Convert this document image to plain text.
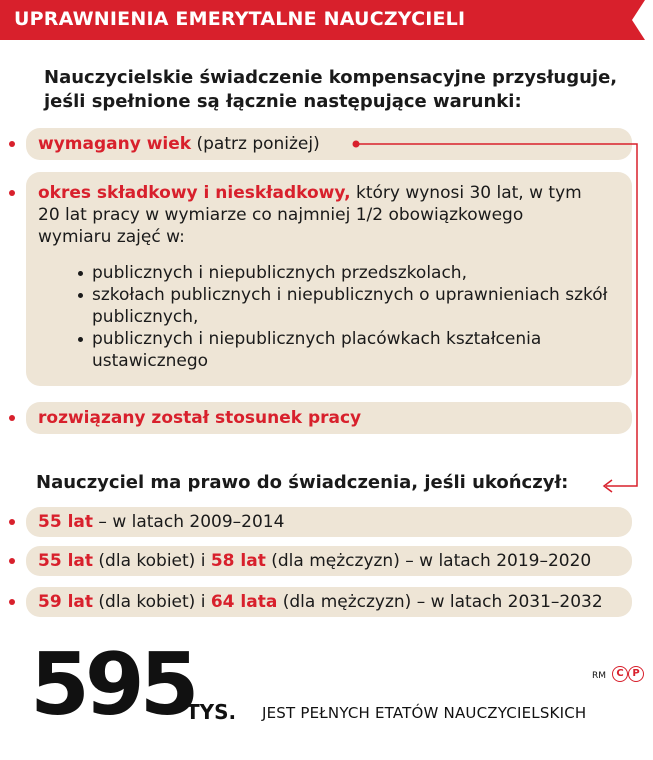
UPRAWNIENIA EMERYTALNE NAUCZYCIELI
Nauczycielskie świadczenie kompensacyjne przysługuje, jeśli spełnione są łącznie następujące warunki:
wymagany wiek (patrz poniżej)
okres składkowy i nieskładkowy, który wynosi 30 lat, w tym 20 lat pracy w wymiarze co najmniej 1/2 obowiązkowego wymiaru zajęć w:
publicznych i niepublicznych przedszkolach,
szkołach publicznych i niepublicznych o uprawnieniach szkół publicznych,
publicznych i niepublicznych placówkach kształcenia ustawicznego
rozwiązany został stosunek pracy
Nauczyciel ma prawo do świadczenia, jeśli ukończył:
55 lat – w latach 2009–2014
55 lat (dla kobiet) i 58 lat (dla mężczyzn) – w latach 2019–2020
59 lat (dla kobiet) i 64 lata (dla mężczyzn) – w latach 2031–2032
595
TYS. JEST PEŁNYCH ETATÓW NAUCZYCIELSKICH
RM	C P
